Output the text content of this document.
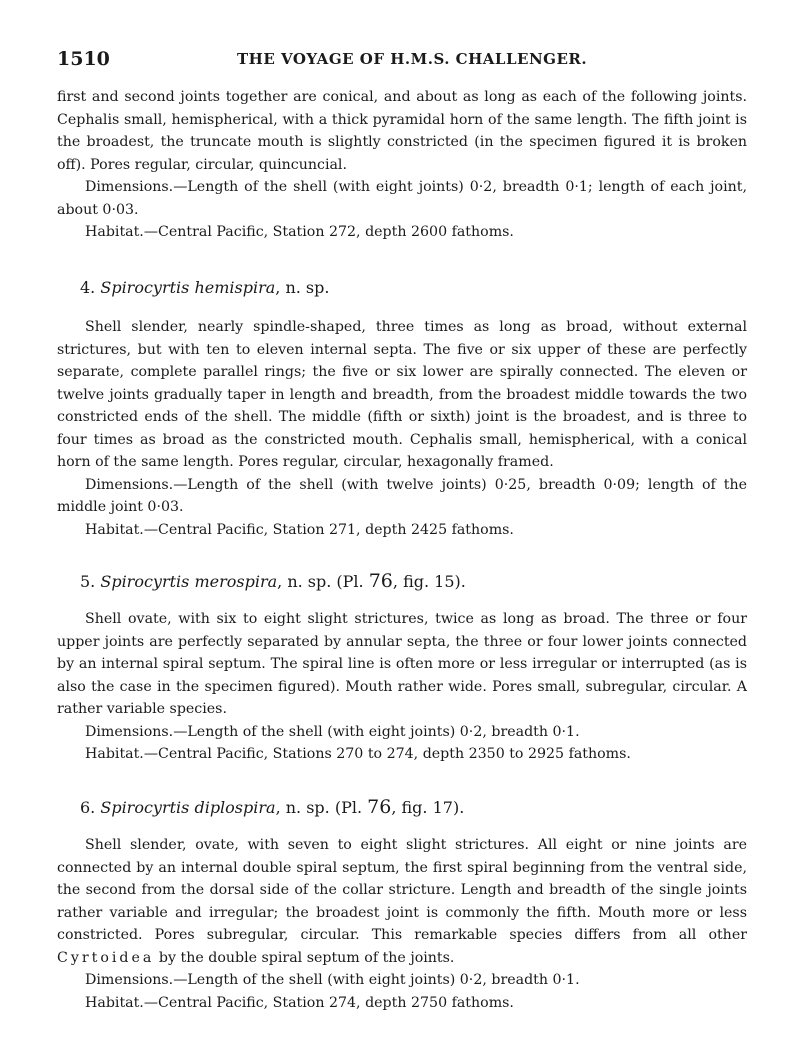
1510	THE VOYAGE OF H.M.S. CHALLENGER.

first and second joints together are conical, and about as long as each of the following joints. Cephalis small, hemispherical, with a thick pyramidal horn of the same length. The fifth joint is the broadest, the truncate mouth is slightly constricted (in the specimen figured it is broken off). Pores regular, circular, quincuncial.

Dimensions.—Length of the shell (with eight joints) 0·2, breadth 0·1; length of each joint, about 0·03.

Habitat.—Central Pacific, Station 272, depth 2600 fathoms.

4. Spirocyrtis hemispira, n. sp.

Shell slender, nearly spindle-shaped, three times as long as broad, without external strictures, but with ten to eleven internal septa. The five or six upper of these are perfectly separate, complete parallel rings; the five or six lower are spirally connected. The eleven or twelve joints gradually taper in length and breadth, from the broadest middle towards the two constricted ends of the shell. The middle (fifth or sixth) joint is the broadest, and is three to four times as broad as the constricted mouth. Cephalis small, hemispherical, with a conical horn of the same length. Pores regular, circular, hexagonally framed.

Dimensions.—Length of the shell (with twelve joints) 0·25, breadth 0·09; length of the middle joint 0·03.

Habitat.—Central Pacific, Station 271, depth 2425 fathoms.

5. Spirocyrtis merospira, n. sp. (Pl. 76, fig. 15).

Shell ovate, with six to eight slight strictures, twice as long as broad. The three or four upper joints are perfectly separated by annular septa, the three or four lower joints connected by an internal spiral septum. The spiral line is often more or less irregular or interrupted (as is also the case in the specimen figured). Mouth rather wide. Pores small, subregular, circular. A rather variable species.

Dimensions.—Length of the shell (with eight joints) 0·2, breadth 0·1.

Habitat.—Central Pacific, Stations 270 to 274, depth 2350 to 2925 fathoms.

6. Spirocyrtis diplospira, n. sp. (Pl. 76, fig. 17).

Shell slender, ovate, with seven to eight slight strictures. All eight or nine joints are connected by an internal double spiral septum, the first spiral beginning from the ventral side, the second from the dorsal side of the collar stricture. Length and breadth of the single joints rather variable and irregular; the broadest joint is commonly the fifth. Mouth more or less constricted. Pores subregular, circular. This remarkable species differs from all other Cyrtoidea by the double spiral septum of the joints.

Dimensions.—Length of the shell (with eight joints) 0·2, breadth 0·1.

Habitat.—Central Pacific, Station 274, depth 2750 fathoms.
